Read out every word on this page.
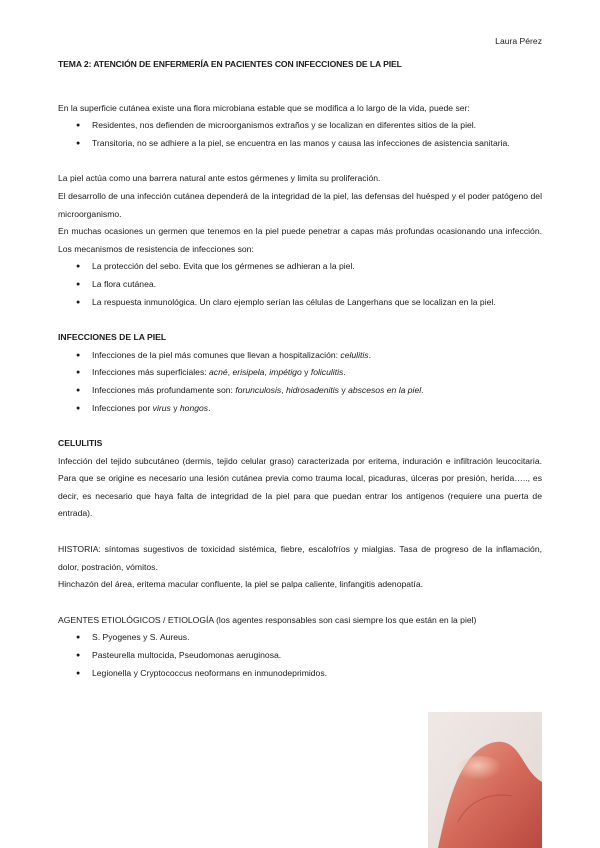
Laura Pérez

TEMA 2: ATENCIÓN DE ENFERMERÍA EN PACIENTES CON INFECCIONES DE LA PIEL

En la superficie cutánea existe una flora microbiana estable que se modifica a lo largo de la vida, puede ser:

● Residentes, nos defienden de microorganismos extraños y se localizan en diferentes sitios de la piel.
● Transitoria, no se adhiere a la piel, se encuentra en las manos y causa las infecciones de asistencia sanitaria.

La piel actúa como una barrera natural ante estos gérmenes y limita su proliferación.

El desarrollo de una infección cutánea dependerá de la integridad de la piel, las defensas del huésped y el poder patógeno del microorganismo.

En muchas ocasiones un germen que tenemos en la piel puede penetrar a capas más profundas ocasionando una infección. Los mecanismos de resistencia de infecciones son:

● La protección del sebo. Evita que los gérmenes se adhieran a la piel.
● La flora cutánea.
● La respuesta inmunológica. Un claro ejemplo serían las células de Langerhans que se localizan en la piel.

INFECCIONES DE LA PIEL

● Infecciones de la piel más comunes que llevan a hospitalización: celulitis.
● Infecciones más superficiales: acné, erisipela, impétigo y foliculitis.
● Infecciones más profundamente son: forunculosis, hidrosadenitis y abscesos en la piel.
● Infecciones por virus y hongos.

CELULITIS

Infección del tejido subcutáneo (dermis, tejido celular graso) caracterizada por eritema, induración e infiltración leucocitaria. Para que se origine es necesario una lesión cutánea previa como trauma local, picaduras, úlceras por presión, herida….., es decir, es necesario que haya falta de integridad de la piel para que puedan entrar los antígenos (requiere una puerta de entrada).

HISTORIA: síntomas sugestivos de toxicidad sistémica, fiebre, escalofríos y mialgias. Tasa de progreso de la inflamación, dolor, postración, vómitos.

Hinchazón del área, eritema macular confluente, la piel se palpa caliente, linfangitis adenopatía.

AGENTES ETIOLÓGICOS / ETIOLOGÍA (los agentes responsables son casi siempre los que están en la piel)

● S. Pyogenes y S. Aureus.
● Pasteurella multocida, Pseudomonas aeruginosa.
● Legionella y Cryptococcus neoformans en inmunodeprimidos.
